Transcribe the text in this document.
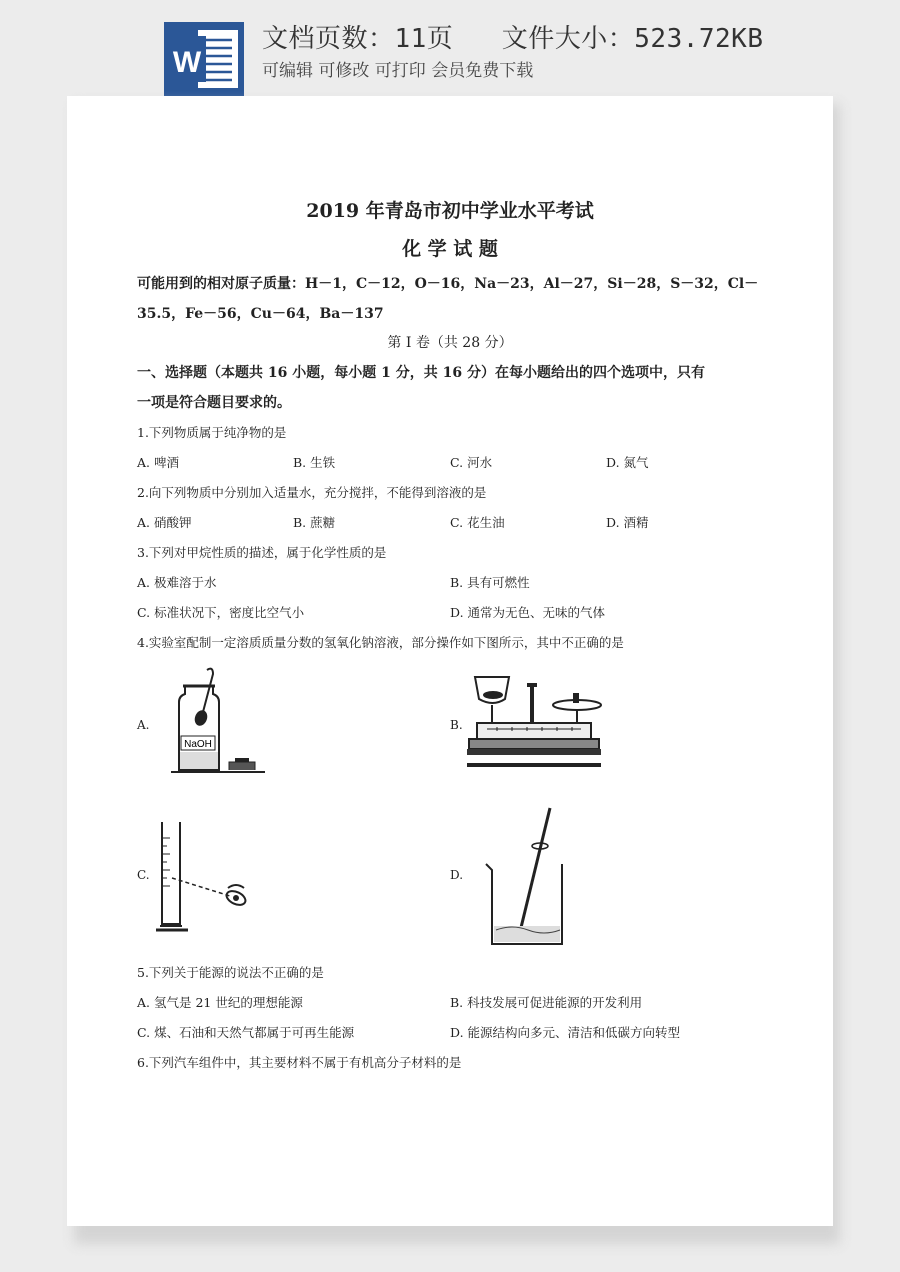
W
文档页数：11页   文件大小：523.72KB
可编辑 可修改 可打印 会员免费下载
2019 年青岛市初中学业水平考试
化 学 试 题
可能用到的相对原子质量：H－1，C－12，O－16，Na－23，Al－27，Si－28，S－32，Cl－
35.5，Fe－56，Cu－64，Ba－137
第 I 卷（共 28 分）
一、选择题（本题共 16 小题，每小题 1 分，共 16 分）在每小题给出的四个选项中，只有
一项是符合题目要求的。
1.下列物质属于纯净物的是
A. 啤酒	B. 生铁	C. 河水	D. 氮气
2.向下列物质中分别加入适量水，充分搅拌，不能得到溶液的是
A. 硝酸钾	B. 蔗糖	C. 花生油	D. 酒精
3.下列对甲烷性质的描述，属于化学性质的是
A. 极难溶于水	B. 具有可燃性
C. 标准状况下，密度比空气小	D. 通常为无色、无味的气体
4.实验室配制一定溶质质量分数的氢氧化钠溶液，部分操作如下图所示，其中不正确的是
A.	B.
C.	D.
NaOH
5.下列关于能源的说法不正确的是
A. 氢气是 21 世纪的理想能源	B. 科技发展可促进能源的开发利用
C. 煤、石油和天然气都属于可再生能源	D. 能源结构向多元、清洁和低碳方向转型
6.下列汽车组件中，其主要材料不属于有机高分子材料的是
